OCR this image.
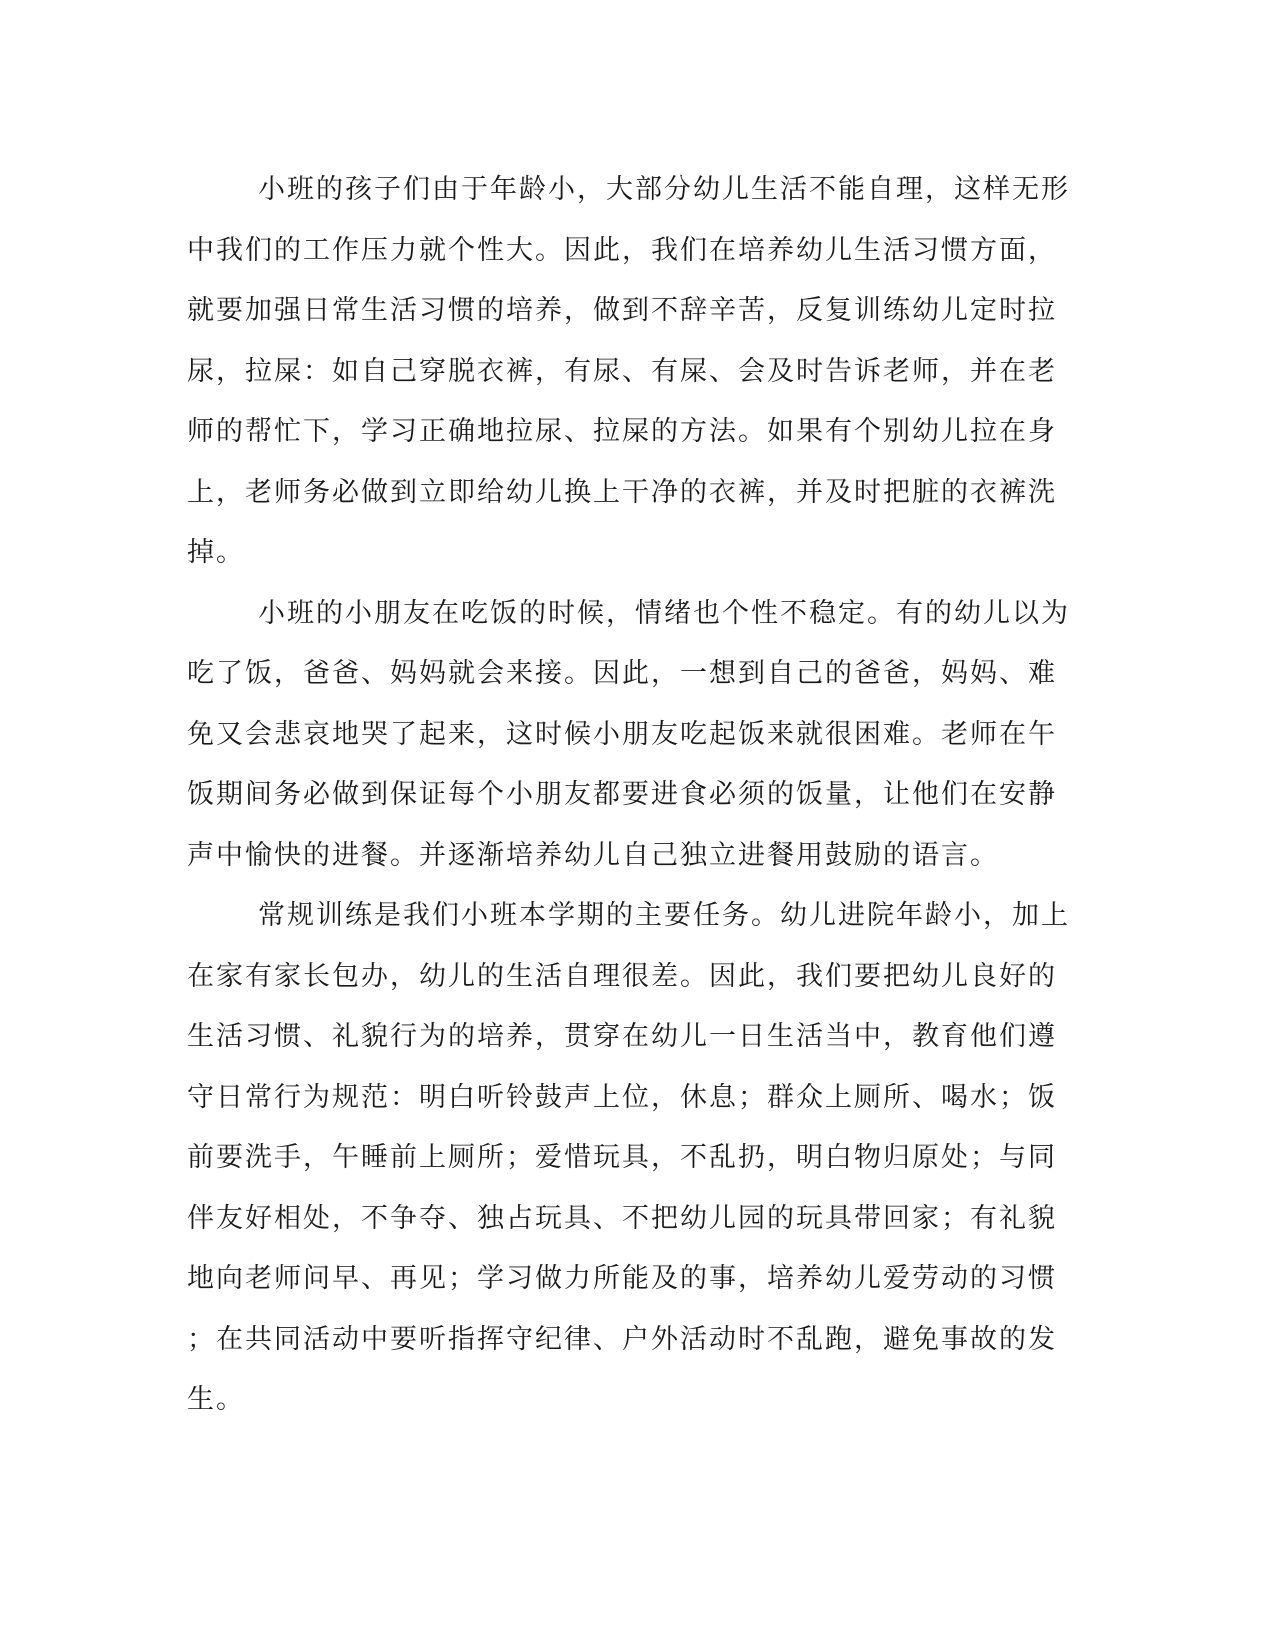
小班的孩子们由于年龄小，大部分幼儿生活不能自理，这样无形
中我们的工作压力就个性大。因此，我们在培养幼儿生活习惯方面，
就要加强日常生活习惯的培养，做到不辞辛苦，反复训练幼儿定时拉
尿，拉屎：如自己穿脱衣裤，有尿、有屎、会及时告诉老师，并在老
师的帮忙下，学习正确地拉尿、拉屎的方法。如果有个别幼儿拉在身
上，老师务必做到立即给幼儿换上干净的衣裤，并及时把脏的衣裤洗
掉。
小班的小朋友在吃饭的时候，情绪也个性不稳定。有的幼儿以为
吃了饭，爸爸、妈妈就会来接。因此，一想到自己的爸爸，妈妈、难
免又会悲哀地哭了起来，这时候小朋友吃起饭来就很困难。老师在午
饭期间务必做到保证每个小朋友都要进食必须的饭量，让他们在安静
声中愉快的进餐。并逐渐培养幼儿自己独立进餐用鼓励的语言。
常规训练是我们小班本学期的主要任务。幼儿进院年龄小，加上
在家有家长包办，幼儿的生活自理很差。因此，我们要把幼儿良好的
生活习惯、礼貌行为的培养，贯穿在幼儿一日生活当中，教育他们遵
守日常行为规范：明白听铃鼓声上位，休息；群众上厕所、喝水；饭
前要洗手，午睡前上厕所；爱惜玩具，不乱扔，明白物归原处；与同
伴友好相处，不争夺、独占玩具、不把幼儿园的玩具带回家；有礼貌
地向老师问早、再见；学习做力所能及的事，培养幼儿爱劳动的习惯
；在共同活动中要听指挥守纪律、户外活动时不乱跑，避免事故的发
生。
